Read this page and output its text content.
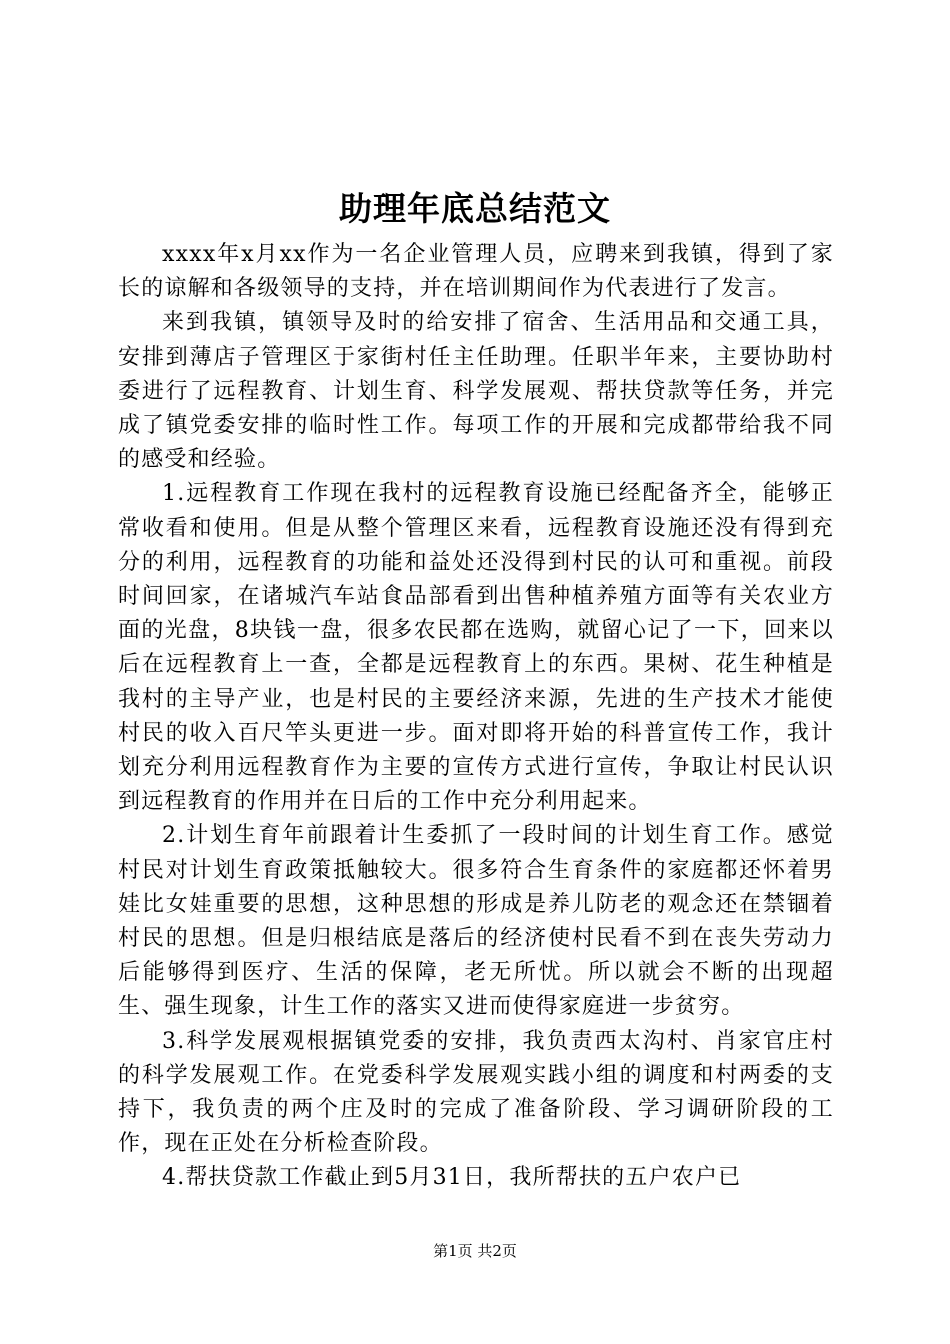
助理年底总结范文

xxxx年x月xx作为一名企业管理人员，应聘来到我镇，得到了家长的谅解和各级领导的支持，并在培训期间作为代表进行了发言。

来到我镇，镇领导及时的给安排了宿舍、生活用品和交通工具，安排到薄店子管理区于家街村任主任助理。任职半年来，主要协助村委进行了远程教育、计划生育、科学发展观、帮扶贷款等任务，并完成了镇党委安排的临时性工作。每项工作的开展和完成都带给我不同的感受和经验。

1.远程教育工作现在我村的远程教育设施已经配备齐全，能够正常收看和使用。但是从整个管理区来看，远程教育设施还没有得到充分的利用，远程教育的功能和益处还没得到村民的认可和重视。前段时间回家，在诸城汽车站食品部看到出售种植养殖方面等有关农业方面的光盘，8块钱一盘，很多农民都在选购，就留心记了一下，回来以后在远程教育上一查，全都是远程教育上的东西。果树、花生种植是我村的主导产业，也是村民的主要经济来源，先进的生产技术才能使村民的收入百尺竿头更进一步。面对即将开始的科普宣传工作，我计划充分利用远程教育作为主要的宣传方式进行宣传，争取让村民认识到远程教育的作用并在日后的工作中充分利用起来。

2.计划生育年前跟着计生委抓了一段时间的计划生育工作。感觉村民对计划生育政策抵触较大。很多符合生育条件的家庭都还怀着男娃比女娃重要的思想，这种思想的形成是养儿防老的观念还在禁锢着村民的思想。但是归根结底是落后的经济使村民看不到在丧失劳动力后能够得到医疗、生活的保障，老无所忧。所以就会不断的出现超生、强生现象，计生工作的落实又进而使得家庭进一步贫穷。

3.科学发展观根据镇党委的安排，我负责西太沟村、肖家官庄村的科学发展观工作。在党委科学发展观实践小组的调度和村两委的支持下，我负责的两个庄及时的完成了准备阶段、学习调研阶段的工作，现在正处在分析检查阶段。

4.帮扶贷款工作截止到5月31日，我所帮扶的五户农户已

第1页 共2页
